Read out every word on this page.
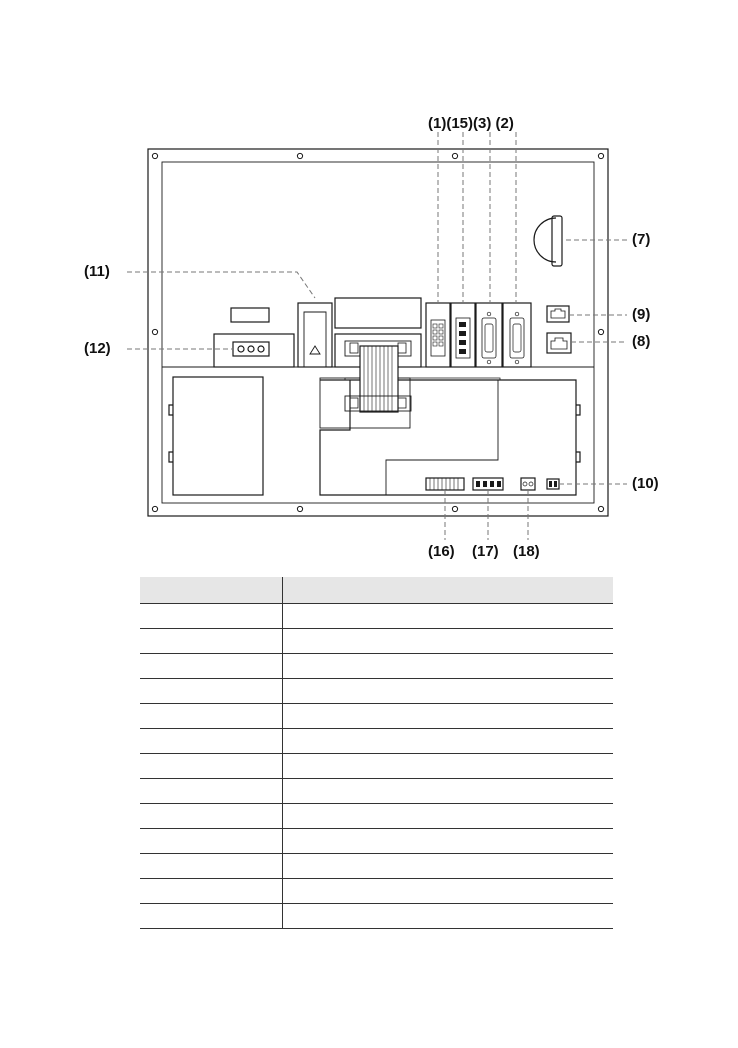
(1)(15)(3) (2)
(7)
(11)
(9)
(12)	(8)
(10)
(16) (17) (18)
